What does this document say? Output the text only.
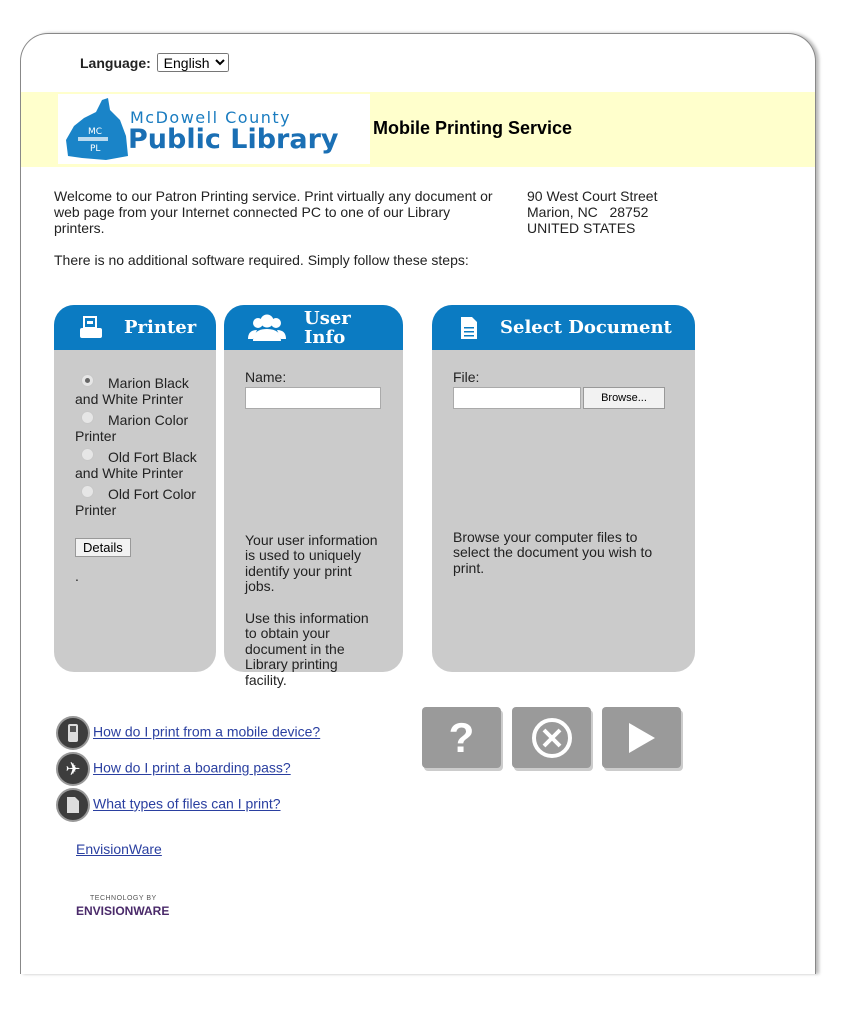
Language:
English
MC
PL
McDowell County
Public Library Mobile Printing Service
Welcome to our Patron Printing service. Print virtually any document or web page from your Internet connected PC to one of our Library printers.
There is no additional software required. Simply follow these steps:
90 West Court Street
Marion, NC   28752
UNITED STATES
Printer
Marion Black and White Printer
Marion Color Printer
Old Fort Black and White Printer
Old Fort Color Printer
Details
.
User
Info
Name:
Your user information is used to uniquely identify your print jobs.
Use this information to obtain your document in the Library printing facility.
Select Document
File:
Browse...
Browse your computer files to select the document you wish to print.
How do I print from a mobile device?
✈ How do I print a boarding pass?
What types of files can I print?
EnvisionWare
TECHNOLOGY BY
ENVISIONWARE
?
